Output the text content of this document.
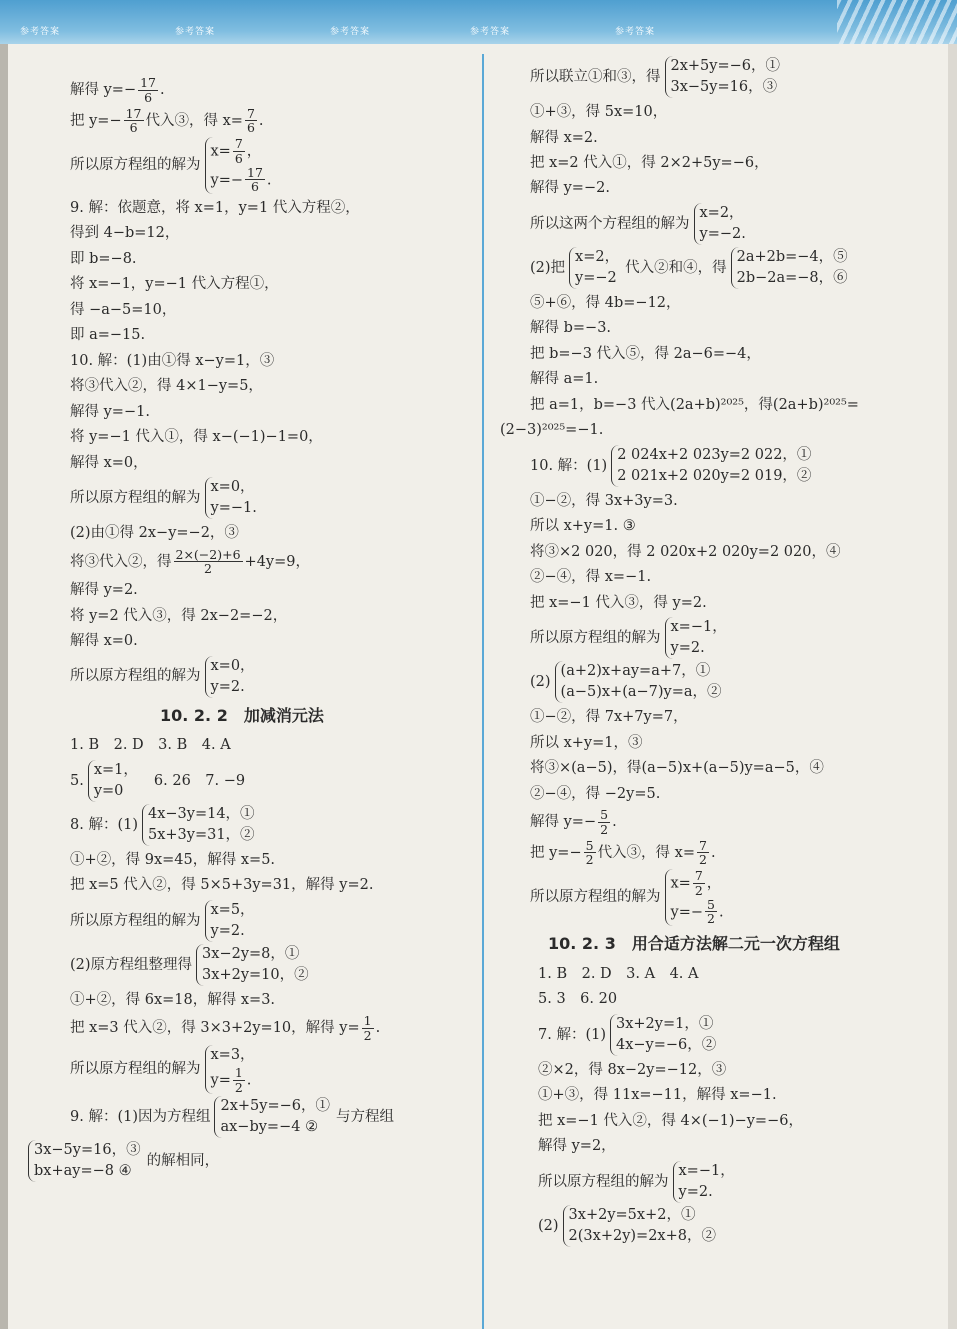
参考答案	参考答案	参考答案	参考答案	参考答案
解得 $y=- \frac{17}{6}$ .
把 $y=- \frac{17}{6}$ 代入③，得 $x= \frac{7}{6}$ .
所以原方程组的解为
$x= \frac{7}{6}$ ，
$y=- \frac{17}{6}$ .
9. 解：依题意，将 x=1，y=1 代入方程②，
得到 4−b=12，
即 b=−8.
将 x=−1，y=−1 代入方程①，
得 −a−5=10，
即 a=−15.
10. 解：(1)由①得 x−y=1，③
将③代入②，得 4×1−y=5，
解得 y=−1.
将 y=−1 代入①，得 x−(−1)−1=0，
解得 x=0，
所以原方程组的解为
x=0，
y=−1.
(2)由①得 2x−y=−2，③
将③代入②，得 $\frac{2\times(-2)+6}{2} +4y=9$，
解得 y=2.
将 y=2 代入③，得 2x−2=−2，
解得 x=0.
所以原方程组的解为
x=0，
y=2.
10. 2. 2　加减消元法
1. B　2. D　3. B　4. A
5.
x=1，
y=0
6. 26　7. −9
8. 解：(1)
4x−3y=14，①
5x+3y=31，②
①+②，得 9x=45，解得 x=5.
把 x=5 代入②，得 5×5+3y=31，解得 y=2.
所以原方程组的解为
x=5，
y=2.
(2)原方程组整理得
3x−2y=8，①
3x+2y=10，②
①+②，得 6x=18，解得 x=3.
把 x=3 代入②，得 3×3+2y=10，解得 $y= \frac{1}{2}$ .
所以原方程组的解为
x=3，
$y= \frac{1}{2}$ .
9. 解：(1)因为方程组
2x+5y=−6，①
ax−by=−4 ②
与方程组
3x−5y=16，③
bx+ay=−8 ④
的解相同，
所以联立①和③，得
2x+5y=−6，①
3x−5y=16，③
①+③，得 5x=10，
解得 x=2.
把 x=2 代入①，得 2×2+5y=−6，
解得 y=−2.
所以这两个方程组的解为
x=2，
y=−2.
(2)把
x=2，
y=−2
代入②和④，得
2a+2b=−4，⑤
2b−2a=−8，⑥
⑤+⑥，得 4b=−12，
解得 b=−3.
把 b=−3 代入⑤，得 2a−6=−4，
解得 a=1.
把 a=1，b=−3 代入(2a+b)²⁰²⁵，得(2a+b)²⁰²⁵=
(2−3)²⁰²⁵=−1.
10. 解：(1)
2 024x+2 023y=2 022，①
2 021x+2 020y=2 019，②
①−②，得 3x+3y=3.
所以 x+y=1. ③
将③×2 020，得 2 020x+2 020y=2 020，④
②−④，得 x=−1.
把 x=−1 代入③，得 y=2.
所以原方程组的解为
x=−1，
y=2.
(2)
(a+2)x+ay=a+7，①
(a−5)x+(a−7)y=a，②
①−②，得 7x+7y=7，
所以 x+y=1，③
将③×(a−5)，得(a−5)x+(a−5)y=a−5，④
②−④，得 −2y=5.
解得 $y=- \frac{5}{2}$ .
把 $y=- \frac{5}{2}$ 代入③，得 $x= \frac{7}{2}$ .
所以原方程组的解为
$x= \frac{7}{2}$ ，
$y=- \frac{5}{2}$ .
10. 2. 3　用合适方法解二元一次方程组
1. B　2. D　3. A　4. A
5. 3　6. 20
7. 解：(1)
3x+2y=1，①
4x−y=−6，②
②×2，得 8x−2y=−12，③
①+③，得 11x=−11，解得 x=−1.
把 x=−1 代入②，得 4×(−1)−y=−6，
解得 y=2，
所以原方程组的解为
x=−1，
y=2.
(2)
3x+2y=5x+2，①
2(3x+2y)=2x+8，②
